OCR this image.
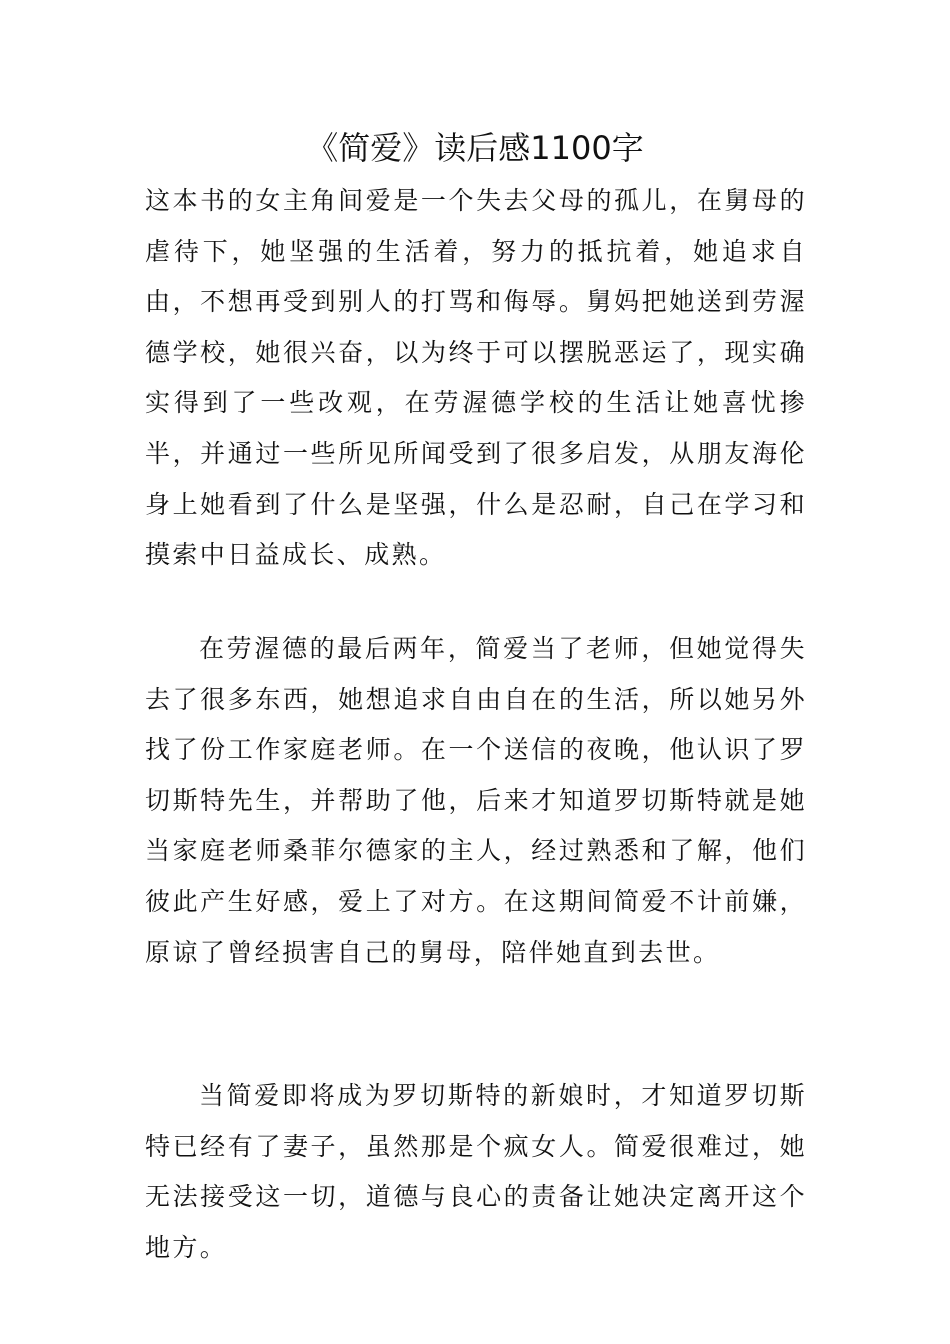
《简爱》读后感1100字

这本书的女主角间爱是一个失去父母的孤儿，在舅母的虐待下，她坚强的生活着，努力的抵抗着，她追求自由，不想再受到别人的打骂和侮辱。舅妈把她送到劳渥德学校，她很兴奋，以为终于可以摆脱恶运了，现实确实得到了一些改观，在劳渥德学校的生活让她喜忧掺半，并通过一些所见所闻受到了很多启发，从朋友海伦身上她看到了什么是坚强，什么是忍耐，自己在学习和摸索中日益成长、成熟。

在劳渥德的最后两年，简爱当了老师，但她觉得失去了很多东西，她想追求自由自在的生活，所以她另外找了份工作家庭老师。在一个送信的夜晚，他认识了罗切斯特先生，并帮助了他，后来才知道罗切斯特就是她当家庭老师桑菲尔德家的主人，经过熟悉和了解，他们彼此产生好感，爱上了对方。在这期间简爱不计前嫌，原谅了曾经损害自己的舅母，陪伴她直到去世。

当简爱即将成为罗切斯特的新娘时，才知道罗切斯特已经有了妻子，虽然那是个疯女人。简爱很难过，她无法接受这一切，道德与良心的责备让她决定离开这个地方。
